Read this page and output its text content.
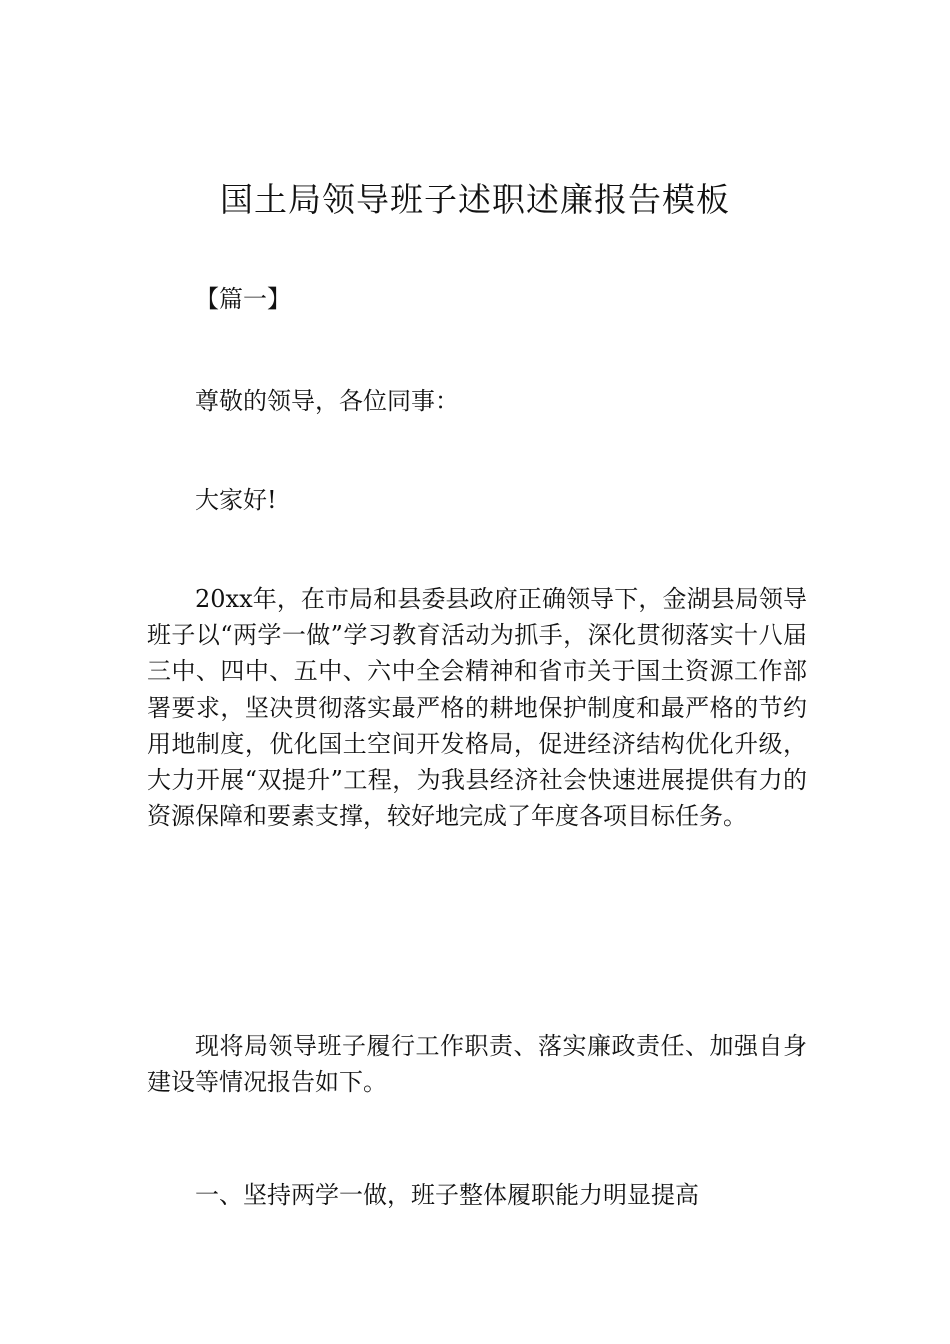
国土局领导班子述职述廉报告模板
【篇一】
尊敬的领导，各位同事：
大家好!
20xx年，在市局和县委县政府正确领导下，金湖县局领导班子以“两学一做”学习教育活动为抓手，深化贯彻落实十八届三中、四中、五中、六中全会精神和省市关于国土资源工作部署要求，坚决贯彻落实最严格的耕地保护制度和最严格的节约用地制度，优化国土空间开发格局，促进经济结构优化升级，大力开展“双提升”工程，为我县经济社会快速进展提供有力的资源保障和要素支撑，较好地完成了年度各项目标任务。
现将局领导班子履行工作职责、落实廉政责任、加强自身建设等情况报告如下。
一、坚持两学一做，班子整体履职能力明显提高
